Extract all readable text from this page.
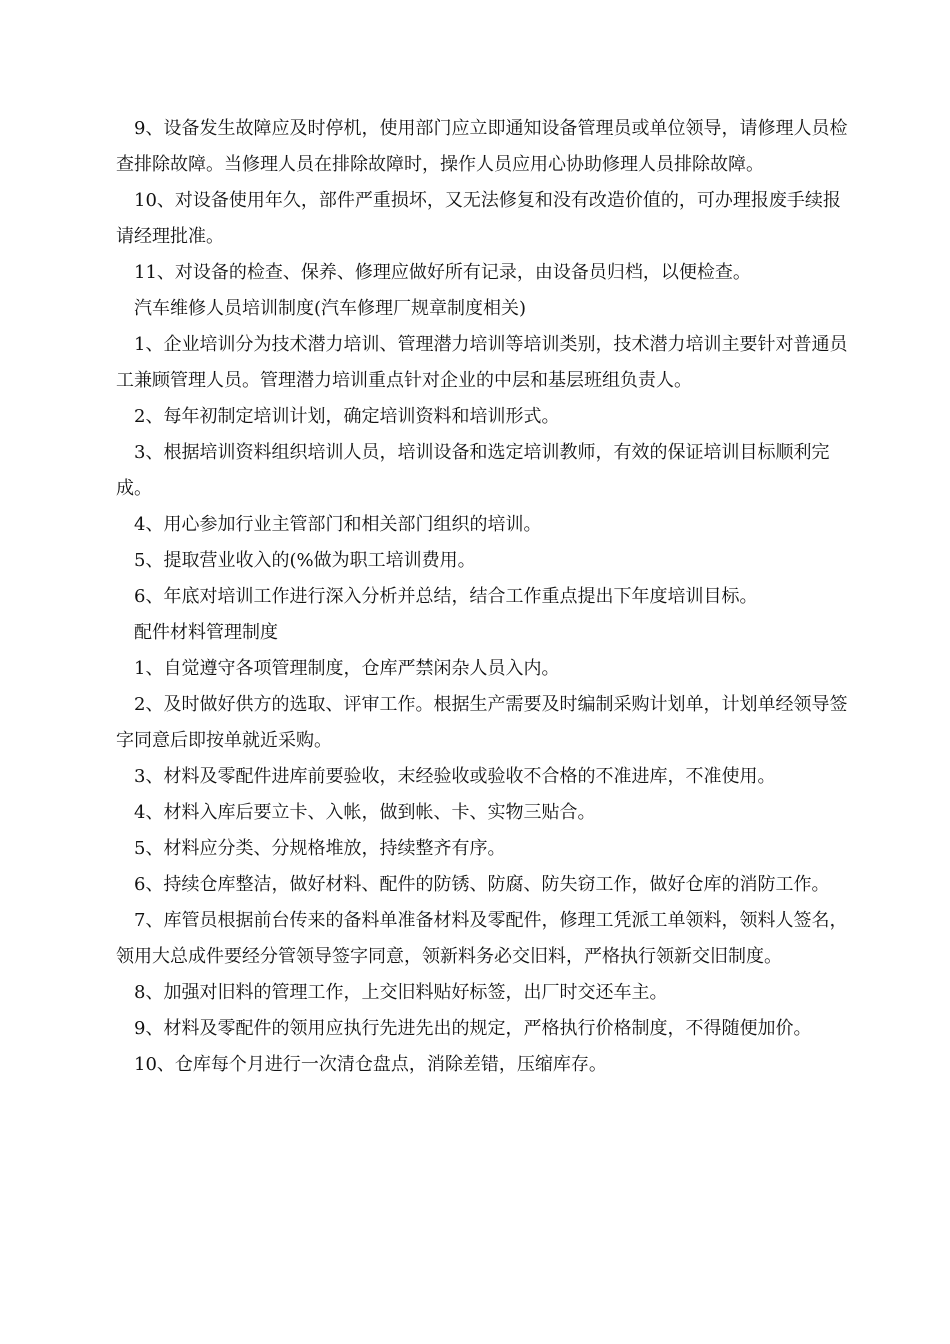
9、设备发生故障应及时停机，使用部门应立即通知设备管理员或单位领导，请修理人员检查排除故障。当修理人员在排除故障时，操作人员应用心协助修理人员排除故障。

10、对设备使用年久，部件严重损坏，又无法修复和没有改造价值的，可办理报废手续报请经理批准。

11、对设备的检查、保养、修理应做好所有记录，由设备员归档，以便检查。

汽车维修人员培训制度(汽车修理厂规章制度相关)

1、企业培训分为技术潜力培训、管理潜力培训等培训类别，技术潜力培训主要针对普通员工兼顾管理人员。管理潜力培训重点针对企业的中层和基层班组负责人。

2、每年初制定培训计划，确定培训资料和培训形式。

3、根据培训资料组织培训人员，培训设备和选定培训教师，有效的保证培训目标顺利完成。

4、用心参加行业主管部门和相关部门组织的培训。

5、提取营业收入的(%做为职工培训费用。

6、年底对培训工作进行深入分析并总结，结合工作重点提出下年度培训目标。

配件材料管理制度

1、自觉遵守各项管理制度，仓库严禁闲杂人员入内。

2、及时做好供方的选取、评审工作。根据生产需要及时编制采购计划单，计划单经领导签字同意后即按单就近采购。

3、材料及零配件进库前要验收，末经验收或验收不合格的不准进库，不准使用。

4、材料入库后要立卡、入帐，做到帐、卡、实物三贴合。

5、材料应分类、分规格堆放，持续整齐有序。

6、持续仓库整洁，做好材料、配件的防锈、防腐、防失窃工作，做好仓库的消防工作。

7、库管员根据前台传来的备料单准备材料及零配件，修理工凭派工单领料，领料人签名，领用大总成件要经分管领导签字同意，领新料务必交旧料，严格执行领新交旧制度。

8、加强对旧料的管理工作，上交旧料贴好标签，出厂时交还车主。

9、材料及零配件的领用应执行先进先出的规定，严格执行价格制度，不得随便加价。

10、仓库每个月进行一次清仓盘点，消除差错，压缩库存。
